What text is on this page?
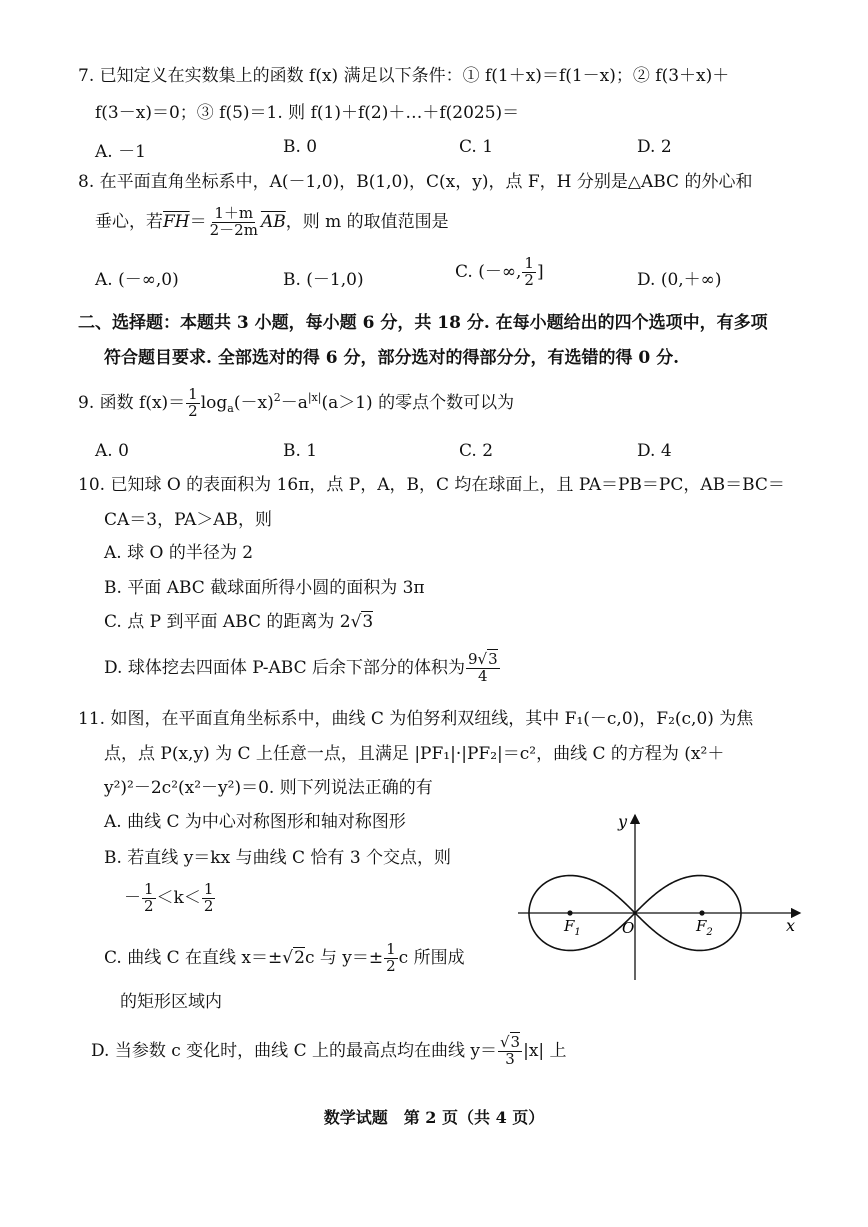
7. 已知定义在实数集上的函数 f(x) 满足以下条件：① f(1＋x)＝f(1－x)；② f(3＋x)＋
f(3－x)＝0；③ f(5)＝1. 则 f(1)＋f(2)＋…＋f(2025)＝
A. －1	B. 0	C. 1	D. 2
8. 在平面直角坐标系中，A(－1,0)，B(1,0)，C(x，y)，点 F，H 分别是△ABC 的外心和
垂心，若$\overline{FH}= \frac{1+m}{2-2m} \overline{AB}$，则 m 的取值范围是
A. (－∞,0)	B. (－1,0)	C. (－∞, $\frac{1}{2}$ ]	D. (0,＋∞)
二、选择题：本题共 3 小题，每小题 6 分，共 18 分. 在每小题给出的四个选项中，有多项
符合题目要求. 全部选对的得 6 分，部分选对的得部分分，有选错的得 0 分.
9. 函数 $f(x)= \frac{1}{2} \log_a(-x)^2-a^{|x|}(a>1)$ 的零点个数可以为
A. 0	B. 1	C. 2	D. 4
10. 已知球 O 的表面积为 16π，点 P，A，B，C 均在球面上，且 PA＝PB＝PC，AB＝BC＝
CA＝3，PA＞AB，则
A. 球 O 的半径为 2
B. 平面 ABC 截球面所得小圆的面积为 3π
C. 点 P 到平面 ABC 的距离为 2√3
D. 球体挖去四面体 P-ABC 后余下部分的体积为 $\frac{9√3}{4}$
11. 如图，在平面直角坐标系中，曲线 C 为伯努利双纽线，其中 F₁(－c,0)，F₂(c,0) 为焦
点，点 P(x,y) 为 C 上任意一点，且满足 |PF₁|·|PF₂|＝c²，曲线 C 的方程为 (x²＋
y²)²－2c²(x²－y²)＝0. 则下列说法正确的有
A. 曲线 C 为中心对称图形和轴对称图形
B. 若直线 y＝kx 与曲线 C 恰有 3 个交点，则
－ $\frac{1}{2} <k< \frac{1}{2}$
C. 曲线 C 在直线 x＝±√2c 与 $y=\pm \frac{1}{2}$ c 所围成
的矩形区域内
D. 当参数 c 变化时，曲线 C 上的最高点均在曲线 $y= \frac{√3}{3} |x|$ 上
y
x
O
$F_1$	$F_2$
数学试题　第 2 页（共 4 页）
